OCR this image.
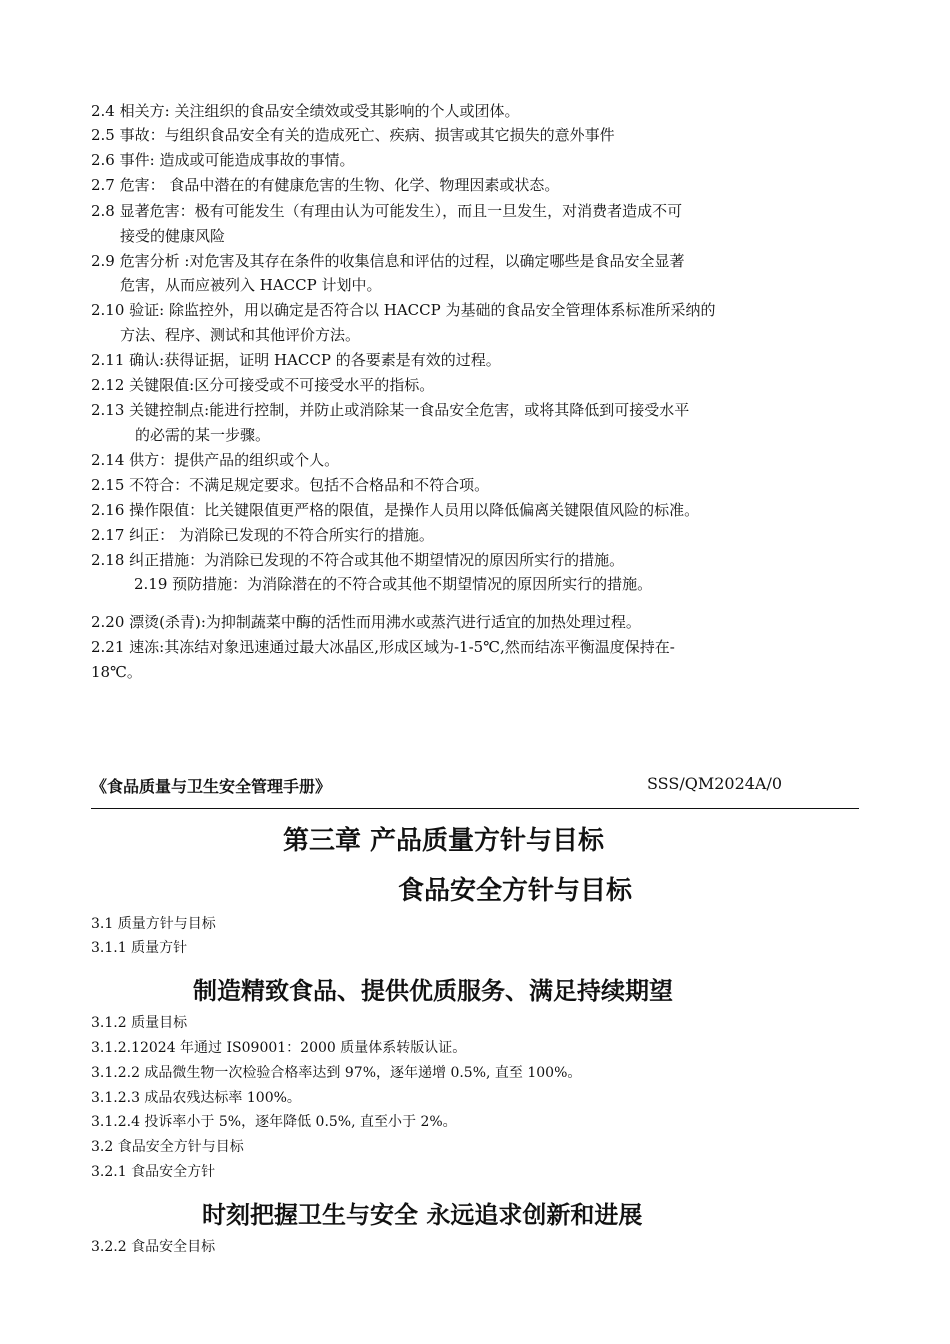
2.4 相关方: 关注组织的食品安全绩效或受其影响的个人或团体。
2.5 事故：与组织食品安全有关的造成死亡、疾病、损害或其它损失的意外事件
2.6 事件: 造成或可能造成事故的事情。
2.7 危害： 食品中潜在的有健康危害的生物、化学、物理因素或状态。
2.8 显著危害：极有可能发生（有理由认为可能发生），而且一旦发生，对消费者造成不可
接受的健康风险
2.9 危害分析 :对危害及其存在条件的收集信息和评估的过程，以确定哪些是食品安全显著
危害，从而应被列入 HACCP 计划中。
2.10 验证: 除监控外，用以确定是否符合以 HACCP 为基础的食品安全管理体系标准所采纳的
方法、程序、测试和其他评价方法。
2.11 确认:获得证据，证明 HACCP 的各要素是有效的过程。
2.12 关键限值:区分可接受或不可接受水平的指标。
2.13 关键控制点:能进行控制，并防止或消除某一食品安全危害，或将其降低到可接受水平
的必需的某一步骤。
2.14 供方：提供产品的组织或个人。
2.15 不符合：不满足规定要求。包括不合格品和不符合项。
2.16 操作限值：比关键限值更严格的限值，是操作人员用以降低偏离关键限值风险的标准。
2.17 纠正： 为消除已发现的不符合所实行的措施。
2.18 纠正措施：为消除已发现的不符合或其他不期望情况的原因所实行的措施。
2.19 预防措施：为消除潜在的不符合或其他不期望情况的原因所实行的措施。
2.20 漂烫(杀青):为抑制蔬菜中酶的活性而用沸水或蒸汽进行适宜的加热处理过程。
2.21 速冻:其冻结对象迅速通过最大冰晶区,形成区域为-1-5℃,然而结冻平衡温度保持在-
18℃。
《食品质量与卫生安全管理手册》	SSS/QM2024A/0
第三章 产品质量方针与目标
食品安全方针与目标
3.1 质量方针与目标
3.1.1 质量方针
制造精致食品、提供优质服务、满足持续期望
3.1.2 质量目标
3.1.2.12024 年通过 IS09001：2000 质量体系转版认证。
3.1.2.2 成品微生物一次检验合格率达到 97%，逐年递增 0.5%, 直至 100%。
3.1.2.3 成品农残达标率 100%。
3.1.2.4 投诉率小于 5%，逐年降低 0.5%, 直至小于 2%。
3.2 食品安全方针与目标
3.2.1 食品安全方针
时刻把握卫生与安全 永远追求创新和进展
3.2.2 食品安全目标
